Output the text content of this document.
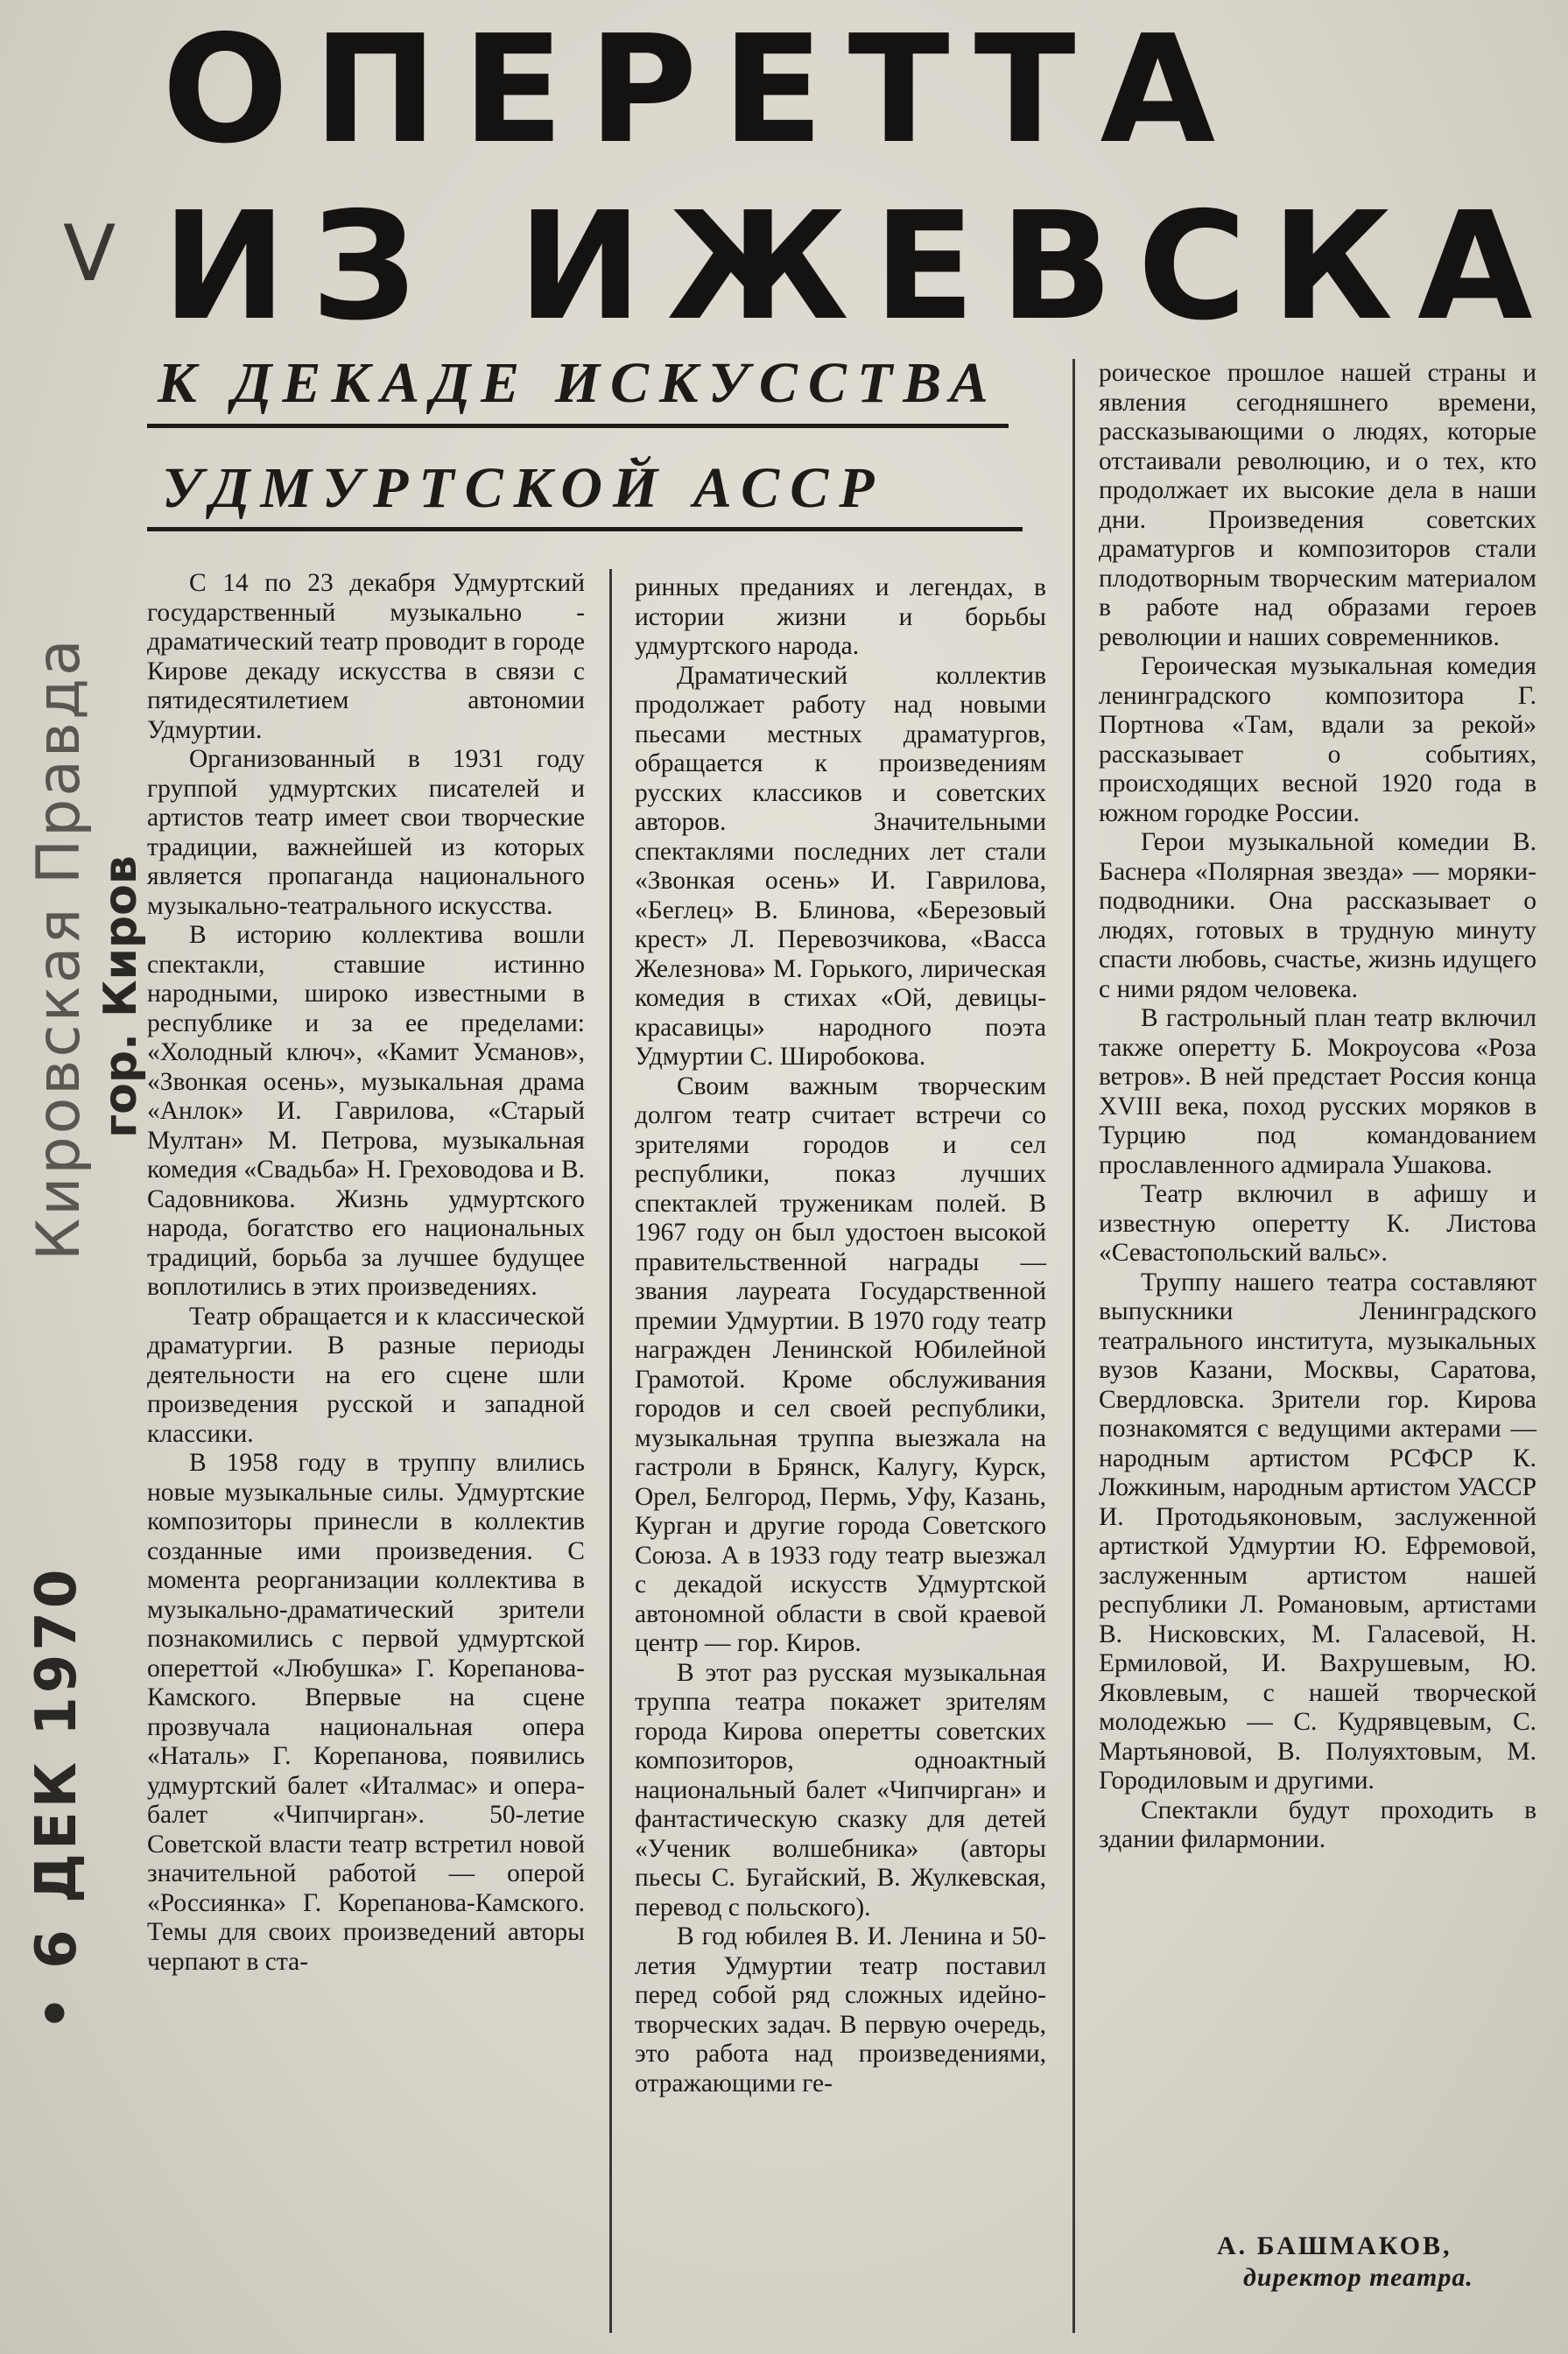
V
ОПЕРЕТТА
ИЗ ИЖЕВСКА
К ДЕКАДЕ ИСКУССТВА
УДМУРТСКОЙ АССР
• 6 ДЕК 1970
Кировская Правда гор. Киров

С 14 по 23 декабря Удмуртский государственный музыкально - драматический театр проводит в городе Кирове декаду искусства в связи с пятидесятилетием автономии Удмуртии.

Организованный в 1931 году группой удмуртских писателей и артистов театр имеет свои творческие традиции, важнейшей из которых является пропаганда национального музыкально-театрального искусства.

В историю коллектива вошли спектакли, ставшие истинно народными, широко известными в республике и за ее пределами: «Холодный ключ», «Камит Усманов», «Звонкая осень», музыкальная драма «Анлок» И. Гаврилова, «Старый Мултан» М. Петрова, музыкальная комедия «Свадьба» Н. Греховодова и В. Садовникова. Жизнь удмуртского народа, богатство его национальных традиций, борьба за лучшее будущее воплотились в этих произведениях.

Театр обращается и к классической драматургии. В разные периоды деятельности на его сцене шли произведения русской и западной классики.

В 1958 году в труппу влились новые музыкальные силы. Удмуртские композиторы принесли в коллектив созданные ими произведения. С момента реорганизации коллектива в музыкально-драматический зрители познакомились с первой удмуртской опереттой «Любушка» Г. Корепанова-Камского. Впервые на сцене прозвучала национальная опера «Наталь» Г. Корепанова, появились удмуртский балет «Италмас» и опера-балет «Чипчирган». 50-летие Советской власти театр встретил новой значительной работой — оперой «Россиянка» Г. Корепанова-Камского. Темы для своих произведений авторы черпают в ста-

ринных преданиях и легендах, в истории жизни и борьбы удмуртского народа.

Драматический коллектив продолжает работу над новыми пьесами местных драматургов, обращается к произведениям русских классиков и советских авторов. Значительными спектаклями последних лет стали «Звонкая осень» И. Гаврилова, «Беглец» В. Блинова, «Березовый крест» Л. Перевозчикова, «Васса Железнова» М. Горького, лирическая комедия в стихах «Ой, девицы-красавицы» народного поэта Удмуртии С. Широбокова.

Своим важным творческим долгом театр считает встречи со зрителями городов и сел республики, показ лучших спектаклей труженикам полей. В 1967 году он был удостоен высокой правительственной награды — звания лауреата Государственной премии Удмуртии. В 1970 году театр награжден Ленинской Юбилейной Грамотой. Кроме обслуживания городов и сел своей республики, музыкальная труппа выезжала на гастроли в Брянск, Калугу, Курск, Орел, Белгород, Пермь, Уфу, Казань, Курган и другие города Советского Союза. А в 1933 году театр выезжал с декадой искусств Удмуртской автономной области в свой краевой центр — гор. Киров.

В этот раз русская музыкальная труппа театра покажет зрителям города Кирова оперетты советских композиторов, одноактный национальный балет «Чипчирган» и фантастическую сказку для детей «Ученик волшебника» (авторы пьесы С. Бугайский, В. Жулкевская, перевод с польского).

В год юбилея В. И. Ленина и 50-летия Удмуртии театр поставил перед собой ряд сложных идейно-творческих задач. В первую очередь, это работа над произведениями, отражающими ге-

роическое прошлое нашей страны и явления сегодняшнего времени, рассказывающими о людях, которые отстаивали революцию, и о тех, кто продолжает их высокие дела в наши дни. Произведения советских драматургов и композиторов стали плодотворным творческим материалом в работе над образами героев революции и наших современников.

Героическая музыкальная комедия ленинградского композитора Г. Портнова «Там, вдали за рекой» рассказывает о событиях, происходящих весной 1920 года в южном городке России.

Герои музыкальной комедии В. Баснера «Полярная звезда» — моряки-подводники. Она рассказывает о людях, готовых в трудную минуту спасти любовь, счастье, жизнь идущего с ними рядом человека.

В гастрольный план театр включил также оперетту Б. Мокроусова «Роза ветров». В ней предстает Россия конца XVIII века, поход русских моряков в Турцию под командованием прославленного адмирала Ушакова.

Театр включил в афишу и известную оперетту К. Листова «Севастопольский вальс».

Труппу нашего театра составляют выпускники Ленинградского театрального института, музыкальных вузов Казани, Москвы, Саратова, Свердловска. Зрители гор. Кирова познакомятся с ведущими актерами — народным артистом РСФСР К. Ложкиным, народным артистом УАССР И. Протодьяконовым, заслуженной артисткой Удмуртии Ю. Ефремовой, заслуженным артистом нашей республики Л. Романовым, артистами В. Нисковских, М. Галасевой, Н. Ермиловой, И. Вахрушевым, Ю. Яковлевым, с нашей творческой молодежью — С. Кудрявцевым, С. Мартьяновой, В. Полуяхтовым, М. Городиловым и другими.

Спектакли будут проходить в здании филармонии.

А. БАШМАКОВ,
директор театра.
